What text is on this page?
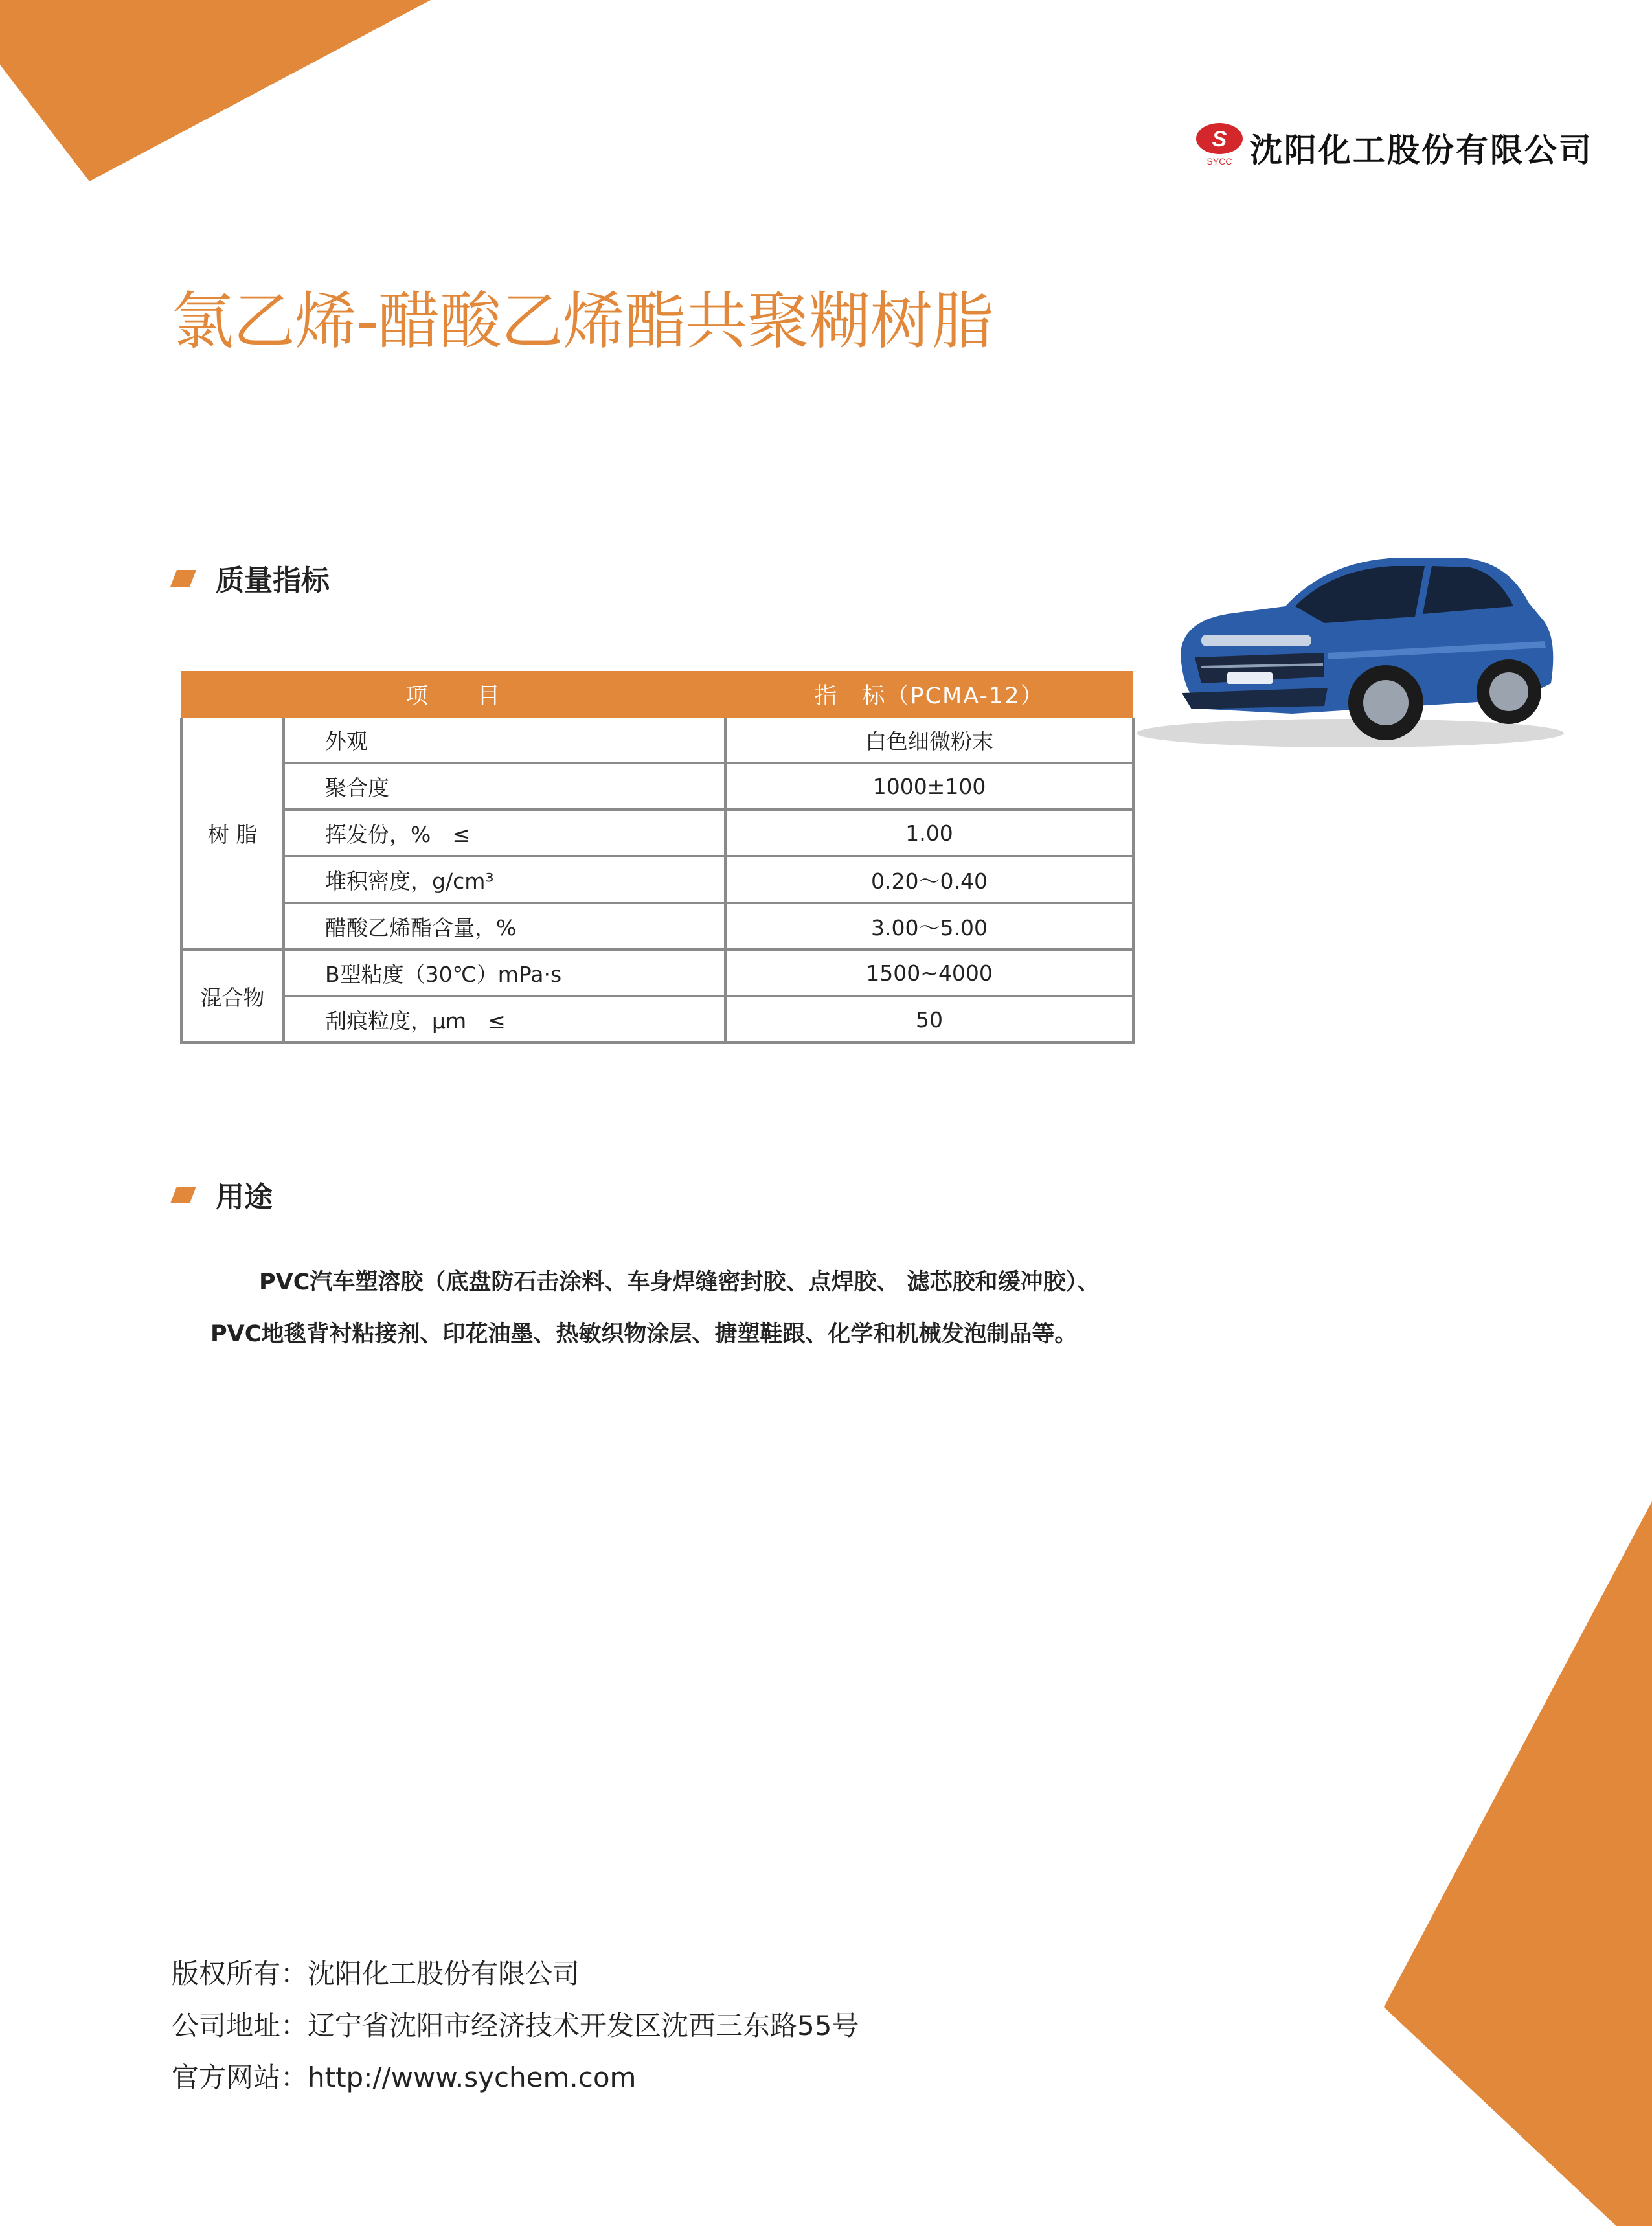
S
SYCC 沈阳化工股份有限公司
氯乙烯-醋酸乙烯酯共聚糊树脂
质量指标
项　　目		指　标（PCMA-12）
树 脂	外观	白色细微粉末
	聚合度	1000±100
	挥发份，%　≤	1.00
	堆积密度，g/cm³	0.20～0.40
	醋酸乙烯酯含量，%	3.00～5.00
混合物	B型粘度（30℃）mPa·s	1500~4000
	刮痕粒度，μm　≤	50
用途

PVC汽车塑溶胶（底盘防石击涂料、车身焊缝密封胶、点焊胶、 滤芯胶和缓冲胶）、

PVC地毯背衬粘接剂、印花油墨、热敏织物涂层、搪塑鞋跟、化学和机械发泡制品等。

版权所有：沈阳化工股份有限公司
公司地址：辽宁省沈阳市经济技术开发区沈西三东路55号
官方网站：http://www.sychem.com
